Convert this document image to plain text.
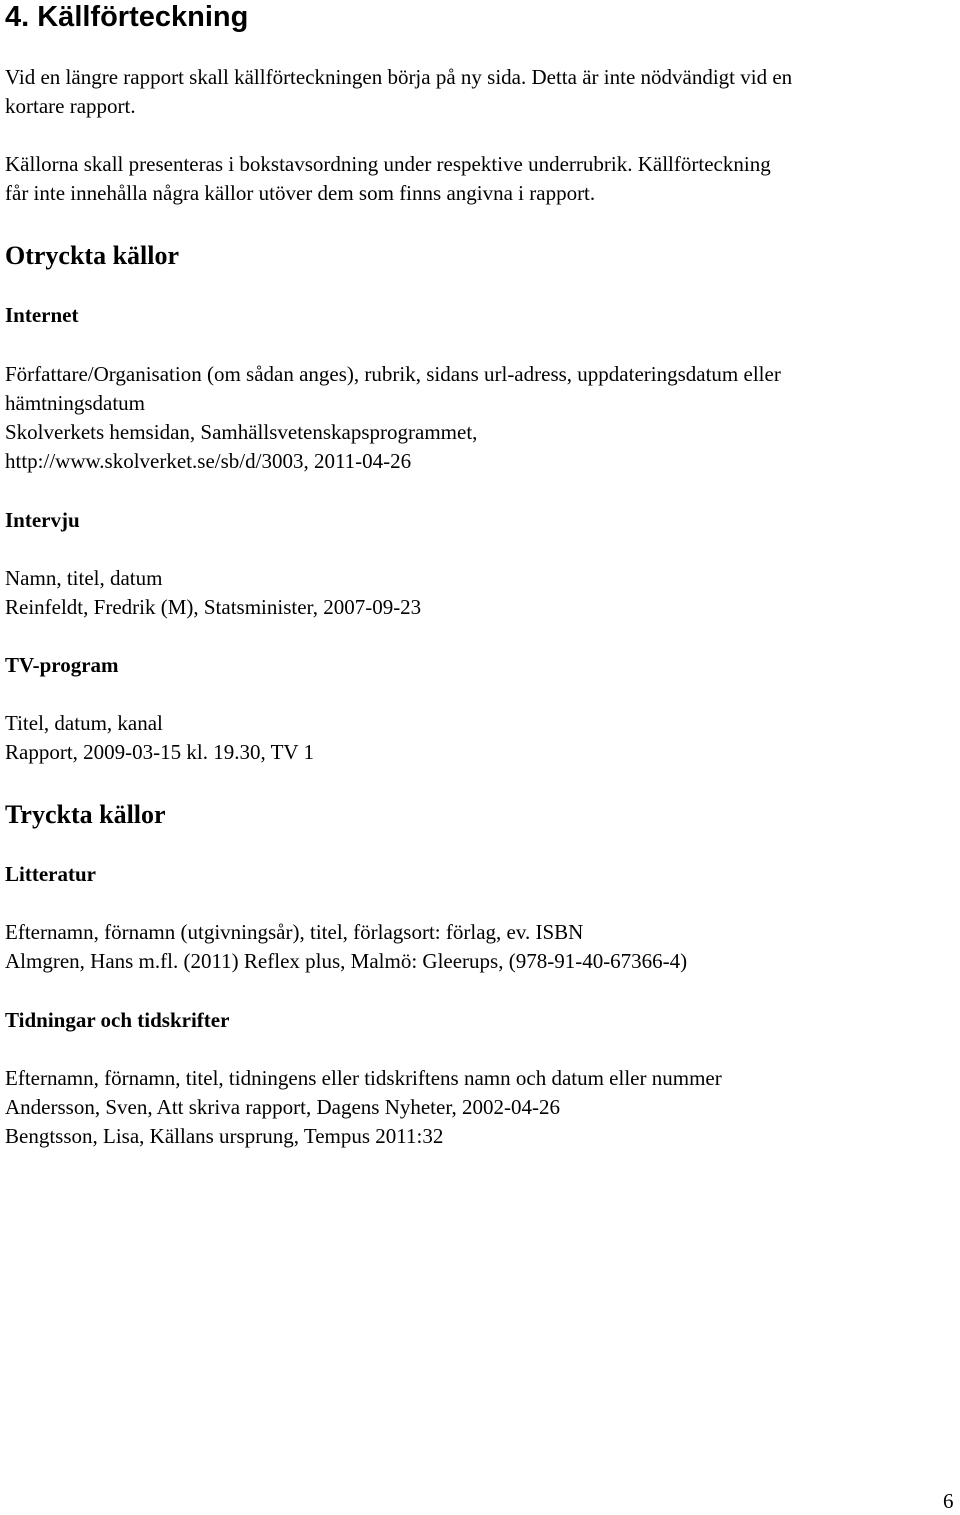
4. Källförteckning

Vid en längre rapport skall källförteckningen börja på ny sida. Detta är inte nödvändigt vid en

kortare rapport.

Källorna skall presenteras i bokstavsordning under respektive underrubrik. Källförteckning

får inte innehålla några källor utöver dem som finns angivna i rapport.

Otryckta källor
Internet

Författare/Organisation (om sådan anges), rubrik, sidans url-adress, uppdateringsdatum eller

hämtningsdatum

Skolverkets hemsidan, Samhällsvetenskapsprogrammet,

http://www.skolverket.se/sb/d/3003, 2011-04-26

Intervju

Namn, titel, datum

Reinfeldt, Fredrik (M), Statsminister, 2007-09-23

TV-program

Titel, datum, kanal

Rapport, 2009-03-15 kl. 19.30, TV 1

Tryckta källor
Litteratur

Efternamn, förnamn (utgivningsår), titel, förlagsort: förlag, ev. ISBN

Almgren, Hans m.fl. (2011) Reflex plus, Malmö: Gleerups, (978-91-40-67366-4)

Tidningar och tidskrifter

Efternamn, förnamn, titel, tidningens eller tidskriftens namn och datum eller nummer

Andersson, Sven, Att skriva rapport, Dagens Nyheter, 2002-04-26

Bengtsson, Lisa, Källans ursprung, Tempus 2011:32

6
